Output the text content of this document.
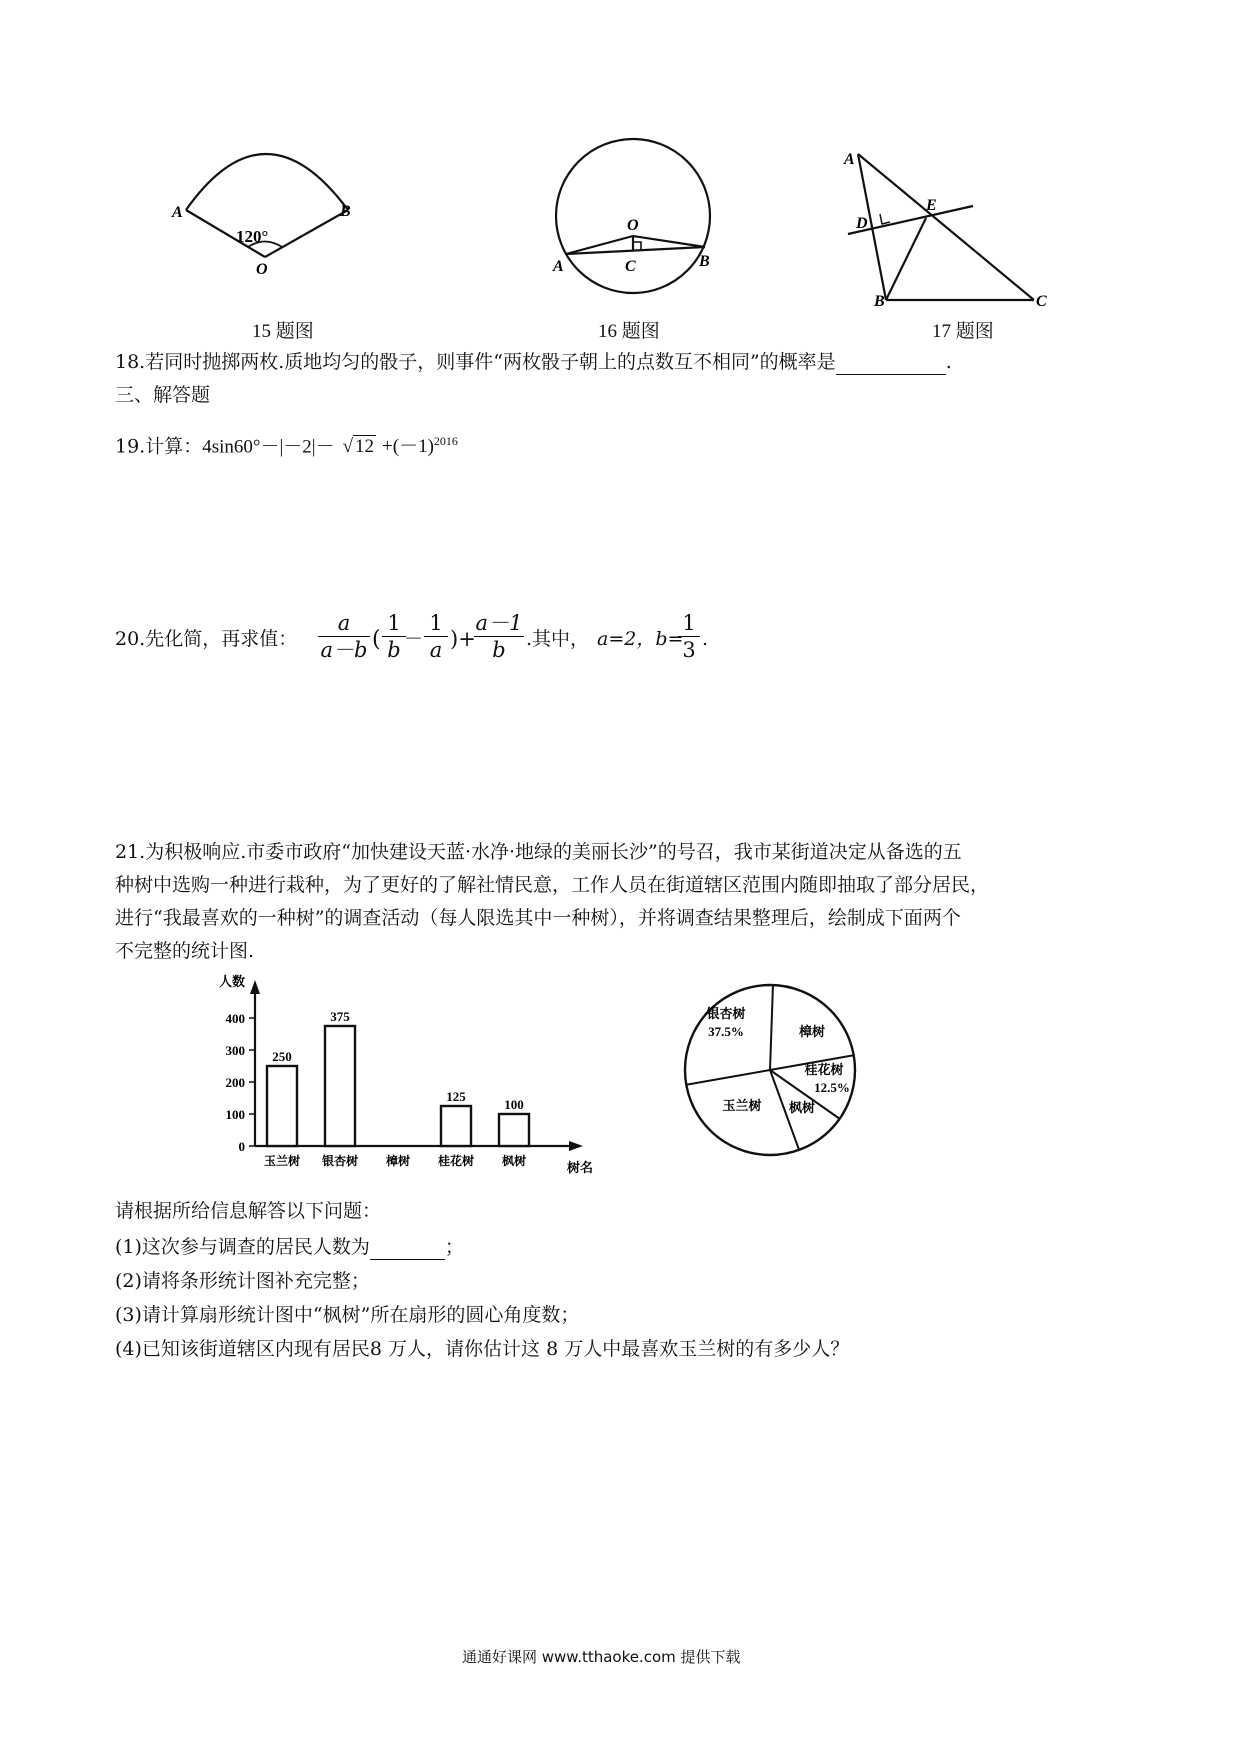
A	B
O
120°
15 题图
O
A	B
C
16 题图
A
D
E
B	C
17 题图
18.若同时抛掷两枚.质地均匀的骰子，则事件“两枚骰子朝上的点数互不相同”的概率是	.
三、解答题
19.计算：4sin60°－|－2|－ √ $12 +(-1)^{2016}$
20.先化简，再求值：
a
a－b (
1
b －
1
a )+
a－1
b	.其中， a=2，b=
1
3 .
21.为积极响应.市委市政府“加快建设天蓝·水净·地绿的美丽长沙”的号召，我市某街道决定从备选的五
种树中选购一种进行栽种，为了更好的了解社情民意，工作人员在街道辖区范围内随即抽取了部分居民，
进行“我最喜欢的一种树”的调查活动（每人限选其中一种树），并将调查结果整理后，绘制成下面两个
不完整的统计图.
人数
树名
0
100
200
300
400
250
玉兰树
375
银杏树 樟树
125
桂花树
100
枫树
银杏树
37.5%	樟树
桂花树
12.5%
枫树
玉兰树
请根据所给信息解答以下问题：
(1)这次参与调查的居民人数为	；
(2)请将条形统计图补充完整；
(3)请计算扇形统计图中“枫树”所在扇形的圆心角度数；
(4)已知该街道辖区内现有居民8 万人，请你估计这 8 万人中最喜欢玉兰树的有多少人？
通通好课网 www.tthaoke.com 提供下载
